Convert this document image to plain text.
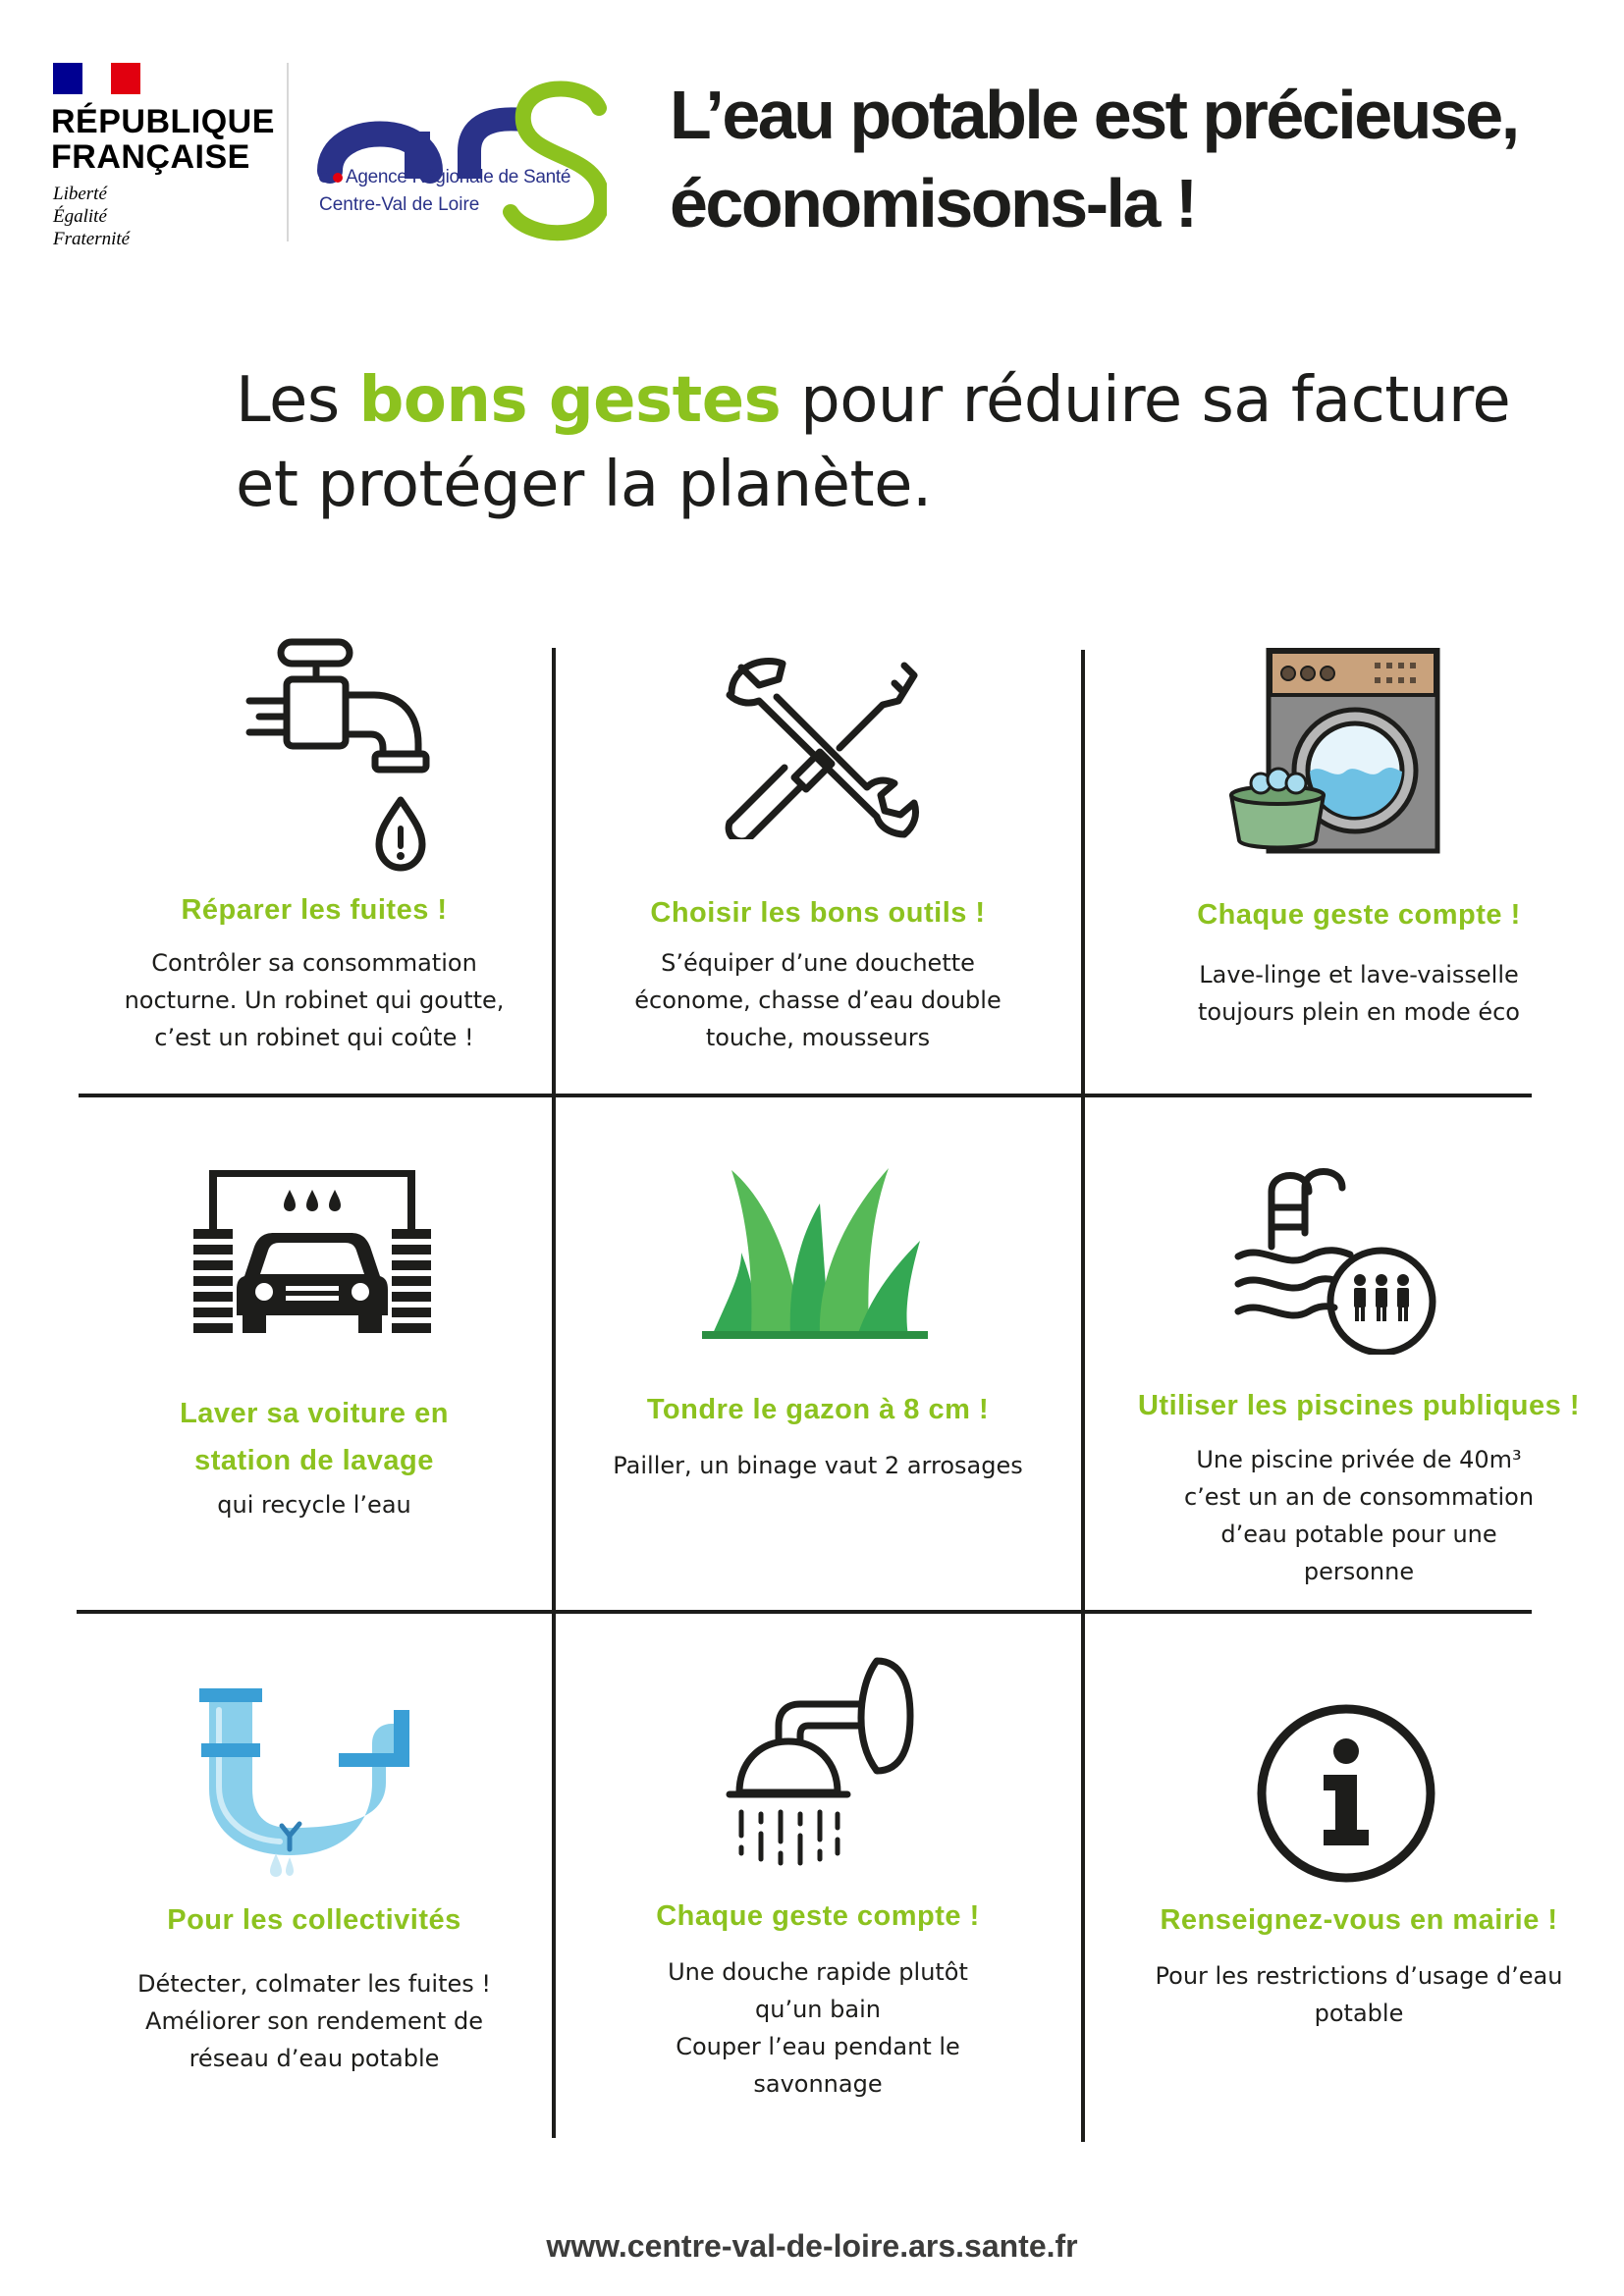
RÉPUBLIQUE
FRANÇAISE
Liberté
Égalité
Fraternité
Agence Régionale de Santé
Centre-Val de Loire
L’eau potable est précieuse,
économisons-la !
Les bons gestes pour réduire sa facture
et protéger la planète.
Réparer les fuites !
Contrôler sa consommation
nocturne. Un robinet qui goutte,
c’est un robinet qui coûte !
Choisir les bons outils !
S’équiper d’une douchette
économe, chasse d’eau double
touche, mousseurs
Chaque geste compte !
Lave-linge et lave-vaisselle
toujours plein en mode éco
Laver sa voiture en
station de lavage
qui recycle l’eau
Tondre le gazon à 8 cm !
Pailler, un binage vaut 2 arrosages
Utiliser les piscines publiques !
Une piscine privée de 40m³
c’est un an de consommation
d’eau potable pour une
personne
Pour les collectivités
Détecter, colmater les fuites !
Améliorer son rendement de
réseau d’eau potable
Chaque geste compte !
Une douche rapide plutôt
qu’un bain
Couper l’eau pendant le
savonnage
Renseignez-vous en mairie !
Pour les restrictions d’usage d’eau
potable
www.centre-val-de-loire.ars.sante.fr
